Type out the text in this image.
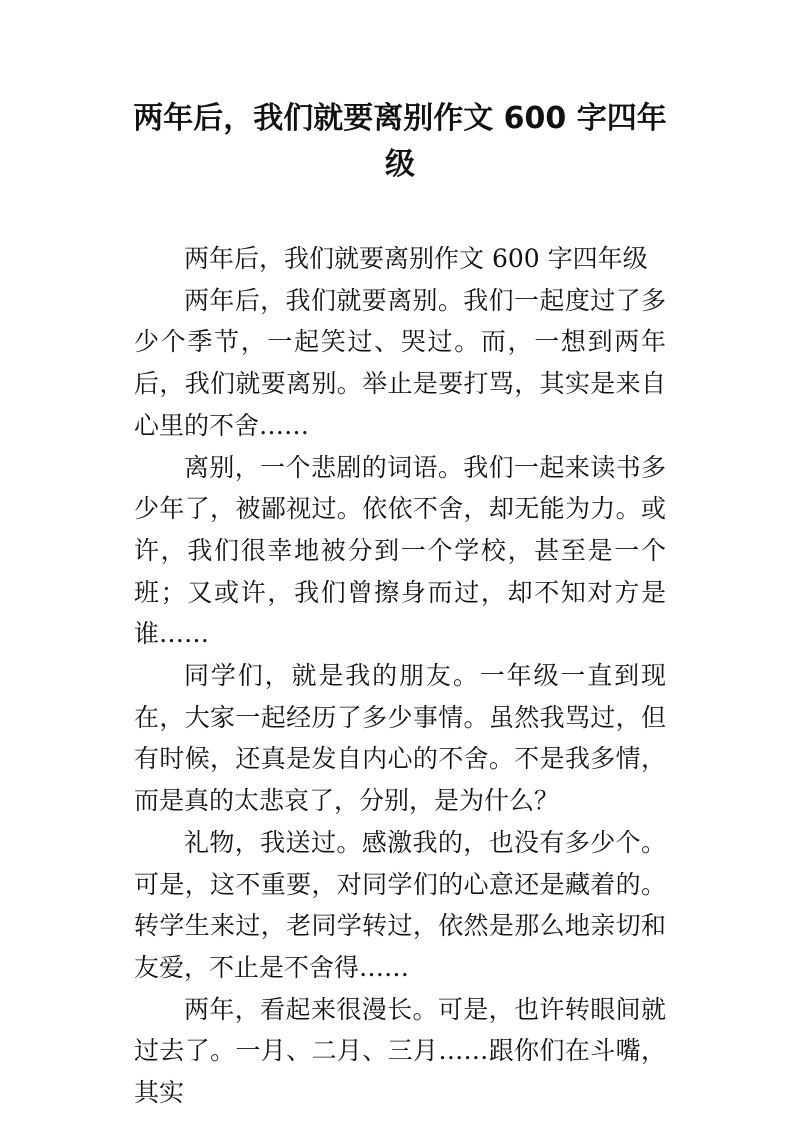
两年后，我们就要离别作文 600 字四年级

两年后，我们就要离别作文 600 字四年级

两年后，我们就要离别。我们一起度过了多少个季节，一起笑过、哭过。而，一想到两年后，我们就要离别。举止是要打骂，其实是来自心里的不舍……

离别，一个悲剧的词语。我们一起来读书多少年了，被鄙视过。依依不舍，却无能为力。或许，我们很幸地被分到一个学校，甚至是一个班；又或许，我们曾擦身而过，却不知对方是谁……

同学们，就是我的朋友。一年级一直到现在，大家一起经历了多少事情。虽然我骂过，但有时候，还真是发自内心的不舍。不是我多情，而是真的太悲哀了，分别，是为什么？

礼物，我送过。感激我的，也没有多少个。可是，这不重要，对同学们的心意还是藏着的。转学生来过，老同学转过，依然是那么地亲切和友爱，不止是不舍得……

两年，看起来很漫长。可是，也许转眼间就过去了。一月、二月、三月……跟你们在斗嘴，其实
